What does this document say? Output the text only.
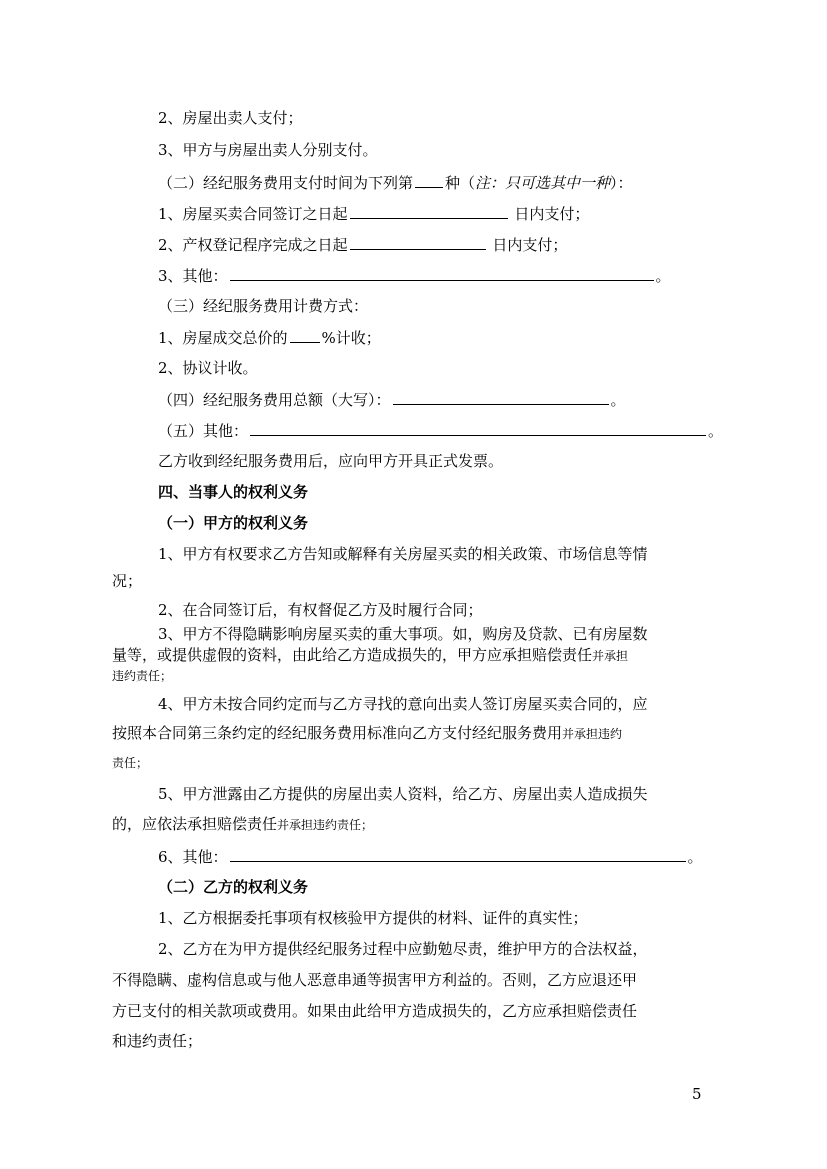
2、房屋出卖人支付；
3、甲方与房屋出卖人分别支付。
（二）经纪服务费用支付时间为下列第 种（注：只可选其中一种）：
1、房屋买卖合同签订之日起	日内支付；
2、产权登记程序完成之日起	日内支付；
3、其他：	。
（三）经纪服务费用计费方式：
1、房屋成交总价的 %计收；
2、协议计收。
（四）经纪服务费用总额（大写）：	。
（五）其他：	。
乙方收到经纪服务费用后，应向甲方开具正式发票。
四、当事人的权利义务
（一）甲方的权利义务
1、甲方有权要求乙方告知或解释有关房屋买卖的相关政策、市场信息等情
况；
2、在合同签订后，有权督促乙方及时履行合同；
3、甲方不得隐瞒影响房屋买卖的重大事项。如，购房及贷款、已有房屋数
量等，或提供虚假的资料，由此给乙方造成损失的，甲方应承担赔偿责任并承担
违约责任；
4、甲方未按合同约定而与乙方寻找的意向出卖人签订房屋买卖合同的，应
按照本合同第三条约定的经纪服务费用标准向乙方支付经纪服务费用并承担违约
责任；
5、甲方泄露由乙方提供的房屋出卖人资料，给乙方、房屋出卖人造成损失
的，应依法承担赔偿责任并承担违约责任；
6、其他：	。
（二）乙方的权利义务
1、乙方根据委托事项有权核验甲方提供的材料、证件的真实性；
2、乙方在为甲方提供经纪服务过程中应勤勉尽责，维护甲方的合法权益，
不得隐瞒、虚构信息或与他人恶意串通等损害甲方利益的。否则，乙方应退还甲
方已支付的相关款项或费用。如果由此给甲方造成损失的，乙方应承担赔偿责任
和违约责任；
5
